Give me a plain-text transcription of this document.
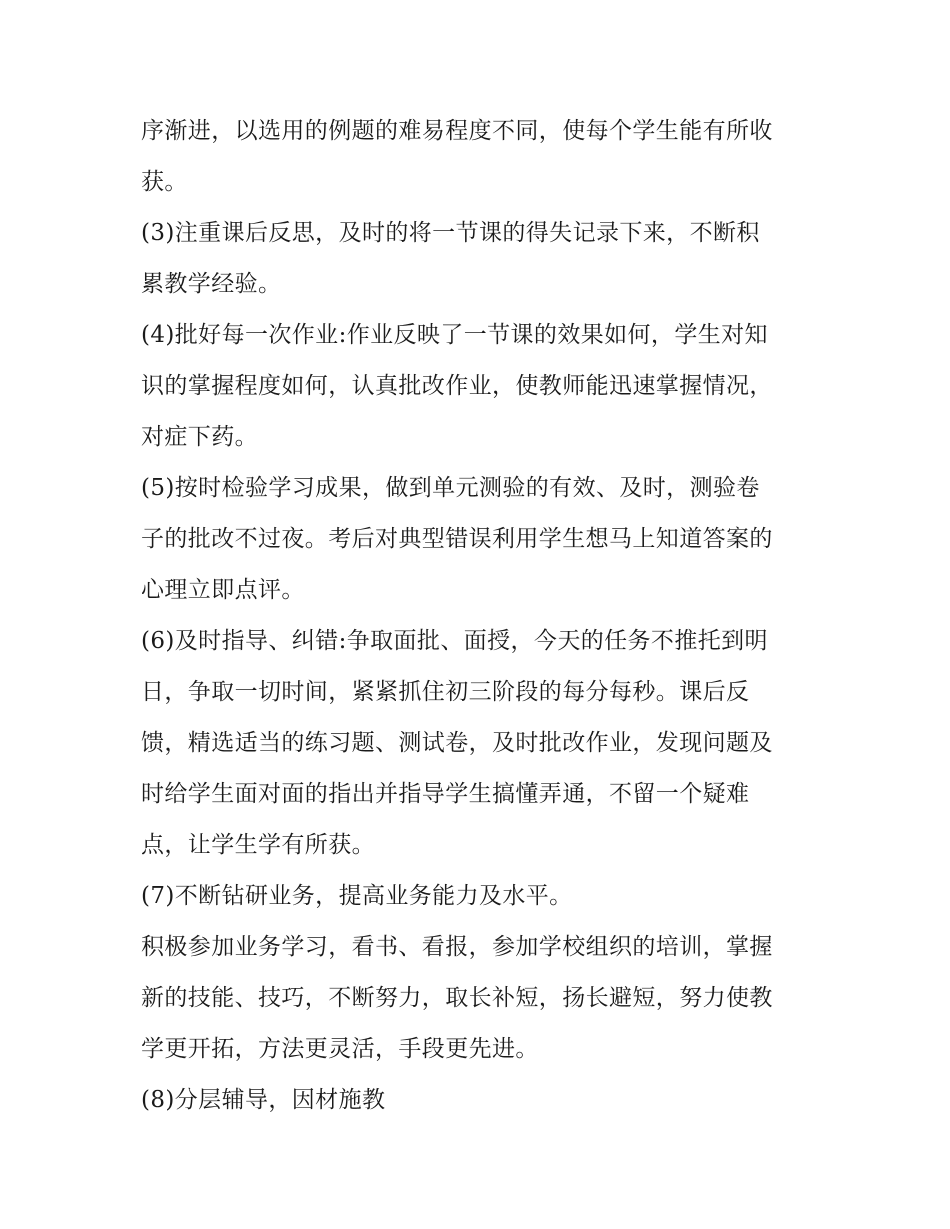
序渐进，以选用的例题的难易程度不同，使每个学生能有所收
获。
(3)注重课后反思，及时的将一节课的得失记录下来，不断积
累教学经验。
(4)批好每一次作业:作业反映了一节课的效果如何，学生对知
识的掌握程度如何，认真批改作业，使教师能迅速掌握情况，
对症下药。
(5)按时检验学习成果，做到单元测验的有效、及时，测验卷
子的批改不过夜。考后对典型错误利用学生想马上知道答案的
心理立即点评。
(6)及时指导、纠错:争取面批、面授，今天的任务不推托到明
日，争取一切时间，紧紧抓住初三阶段的每分每秒。课后反
馈，精选适当的练习题、测试卷，及时批改作业，发现问题及
时给学生面对面的指出并指导学生搞懂弄通，不留一个疑难
点，让学生学有所获。
(7)不断钻研业务，提高业务能力及水平。
积极参加业务学习，看书、看报，参加学校组织的培训，掌握
新的技能、技巧，不断努力，取长补短，扬长避短，努力使教
学更开拓，方法更灵活，手段更先进。
(8)分层辅导，因材施教
